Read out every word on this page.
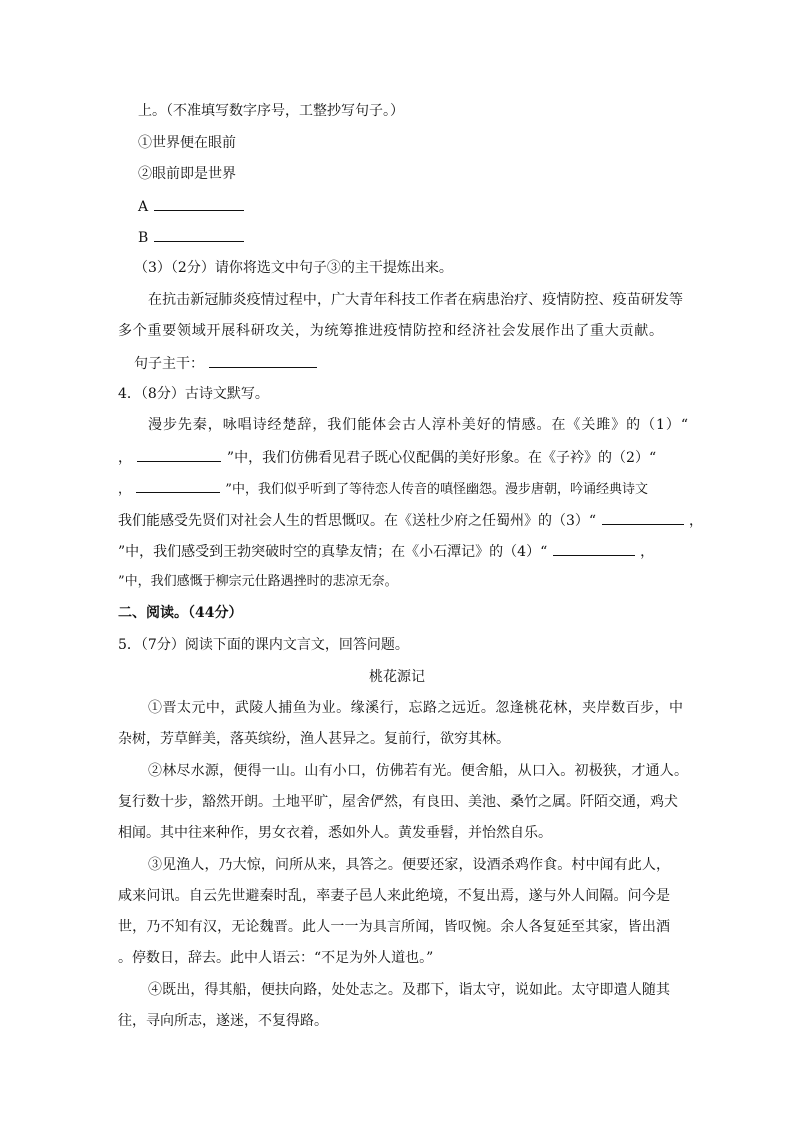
上。（不准填写数字序号，工整抄写句子。）
①世界便在眼前
②眼前即是世界
A
B
（3）（2分）请你将选文中句子③的主干提炼出来。
在抗击新冠肺炎疫情过程中，广大青年科技工作者在病患治疗、疫情防控、疫苗研发等
多个重要领域开展科研攻关，为统筹推进疫情防控和经济社会发展作出了重大贡献。
句子主干：
4．（8分）古诗文默写。
漫步先秦，咏唱诗经楚辞，我们能体会古人淳朴美好的情感。在《关雎》的（1）“
，	”中，我们仿佛看见君子既心仪配偶的美好形象。在《子衿》的（2）“
，	”中，我们似乎听到了等待恋人传音的嗔怪幽怨。漫步唐朝，吟诵经典诗文
我们能感受先贤们对社会人生的哲思慨叹。在《送杜少府之任蜀州》的（3）“	，
”中，我们感受到王勃突破时空的真挚友情；在《小石潭记》的（4）“	，
”中，我们感慨于柳宗元仕路遇挫时的悲凉无奈。
二、阅读。（44分）
5．（7分）阅读下面的课内文言文，回答问题。
桃花源记
①晋太元中，武陵人捕鱼为业。缘溪行，忘路之远近。忽逢桃花林，夹岸数百步，中
杂树，芳草鲜美，落英缤纷，渔人甚异之。复前行，欲穷其林。
②林尽水源，便得一山。山有小口，仿佛若有光。便舍船，从口入。初极狭，才通人。
复行数十步，豁然开朗。土地平旷，屋舍俨然，有良田、美池、桑竹之属。阡陌交通，鸡犬
相闻。其中往来种作，男女衣着，悉如外人。黄发垂髫，并怡然自乐。
③见渔人，乃大惊，问所从来，具答之。便要还家，设酒杀鸡作食。村中闻有此人，
咸来问讯。自云先世避秦时乱，率妻子邑人来此绝境，不复出焉，遂与外人间隔。问今是
世，乃不知有汉，无论魏晋。此人一一为具言所闻，皆叹惋。余人各复延至其家，皆出酒
。停数日，辞去。此中人语云：“不足为外人道也。”
④既出，得其船，便扶向路，处处志之。及郡下，诣太守，说如此。太守即遣人随其
往，寻向所志，遂迷，不复得路。
